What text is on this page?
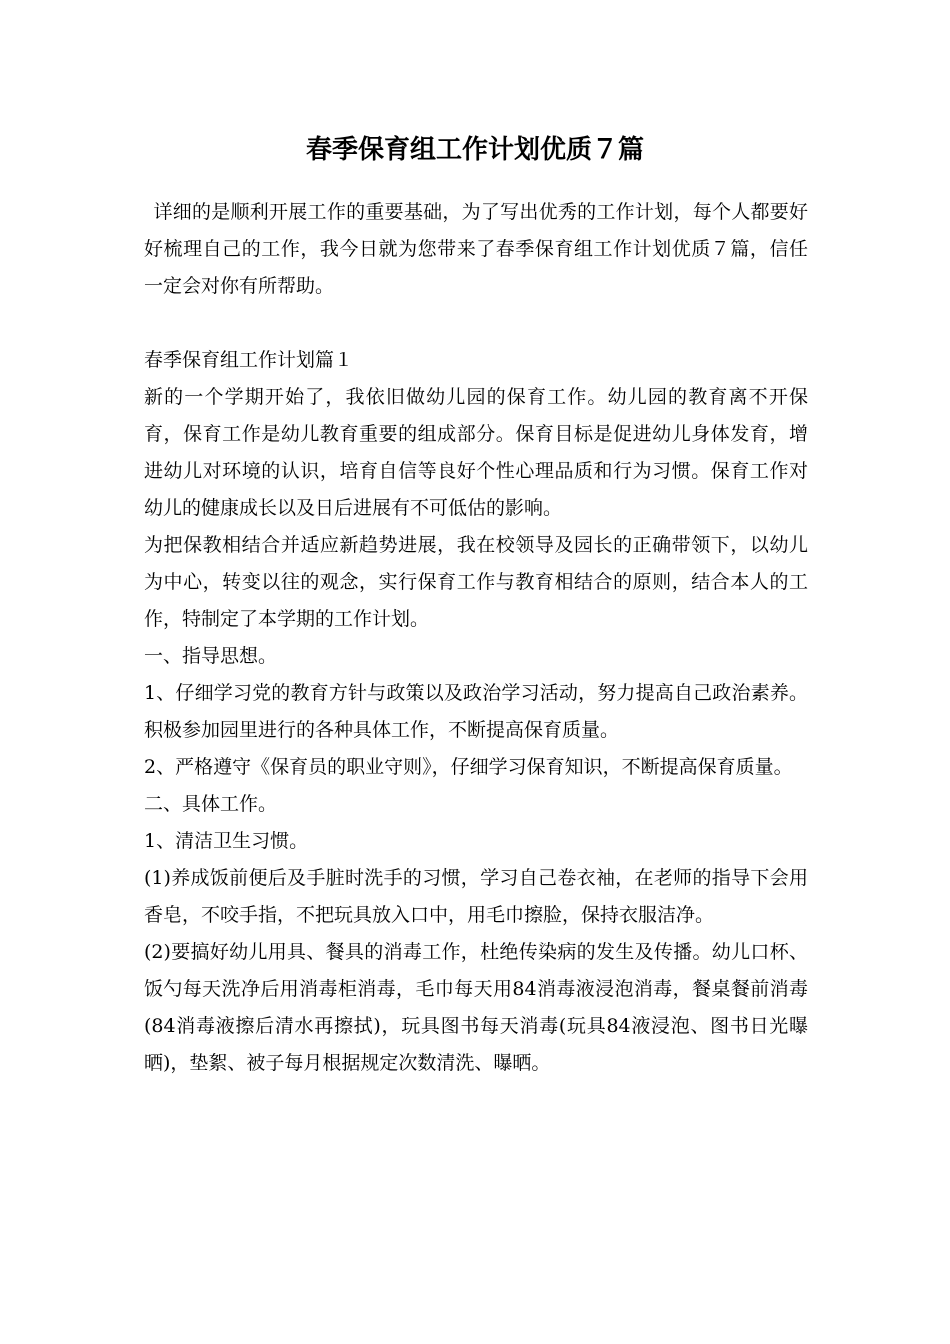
春季保育组工作计划优质７篇

详细的是顺利开展工作的重要基础，为了写出优秀的工作计划，每个人都要好好梳理自己的工作，我今日就为您带来了春季保育组工作计划优质７篇，信任一定会对你有所帮助。

春季保育组工作计划篇１

新的一个学期开始了，我依旧做幼儿园的保育工作。幼儿园的教育离不开保育，保育工作是幼儿教育重要的组成部分。保育目标是促进幼儿身体发育，增进幼儿对环境的认识，培育自信等良好个性心理品质和行为习惯。保育工作对幼儿的健康成长以及日后进展有不可低估的影响。

为把保教相结合并适应新趋势进展，我在校领导及园长的正确带领下，以幼儿为中心，转变以往的观念，实行保育工作与教育相结合的原则，结合本人的工作，特制定了本学期的工作计划。

一、指导思想。

1、仔细学习党的教育方针与政策以及政治学习活动，努力提高自己政治素养。积极参加园里进行的各种具体工作，不断提高保育质量。

2、严格遵守《保育员的职业守则》，仔细学习保育知识，不断提高保育质量。

二、具体工作。

1、清洁卫生习惯。

(1)养成饭前便后及手脏时洗手的习惯，学习自己卷衣袖，在老师的指导下会用香皂，不咬手指，不把玩具放入口中，用毛巾擦脸，保持衣服洁净。

(2)要搞好幼儿用具、餐具的消毒工作，杜绝传染病的发生及传播。幼儿口杯、饭勺每天洗净后用消毒柜消毒，毛巾每天用84消毒液浸泡消毒，餐桌餐前消毒(84消毒液擦后清水再擦拭)，玩具图书每天消毒(玩具84液浸泡、图书日光曝晒)，垫絮、被子每月根据规定次数清洗、曝晒。
